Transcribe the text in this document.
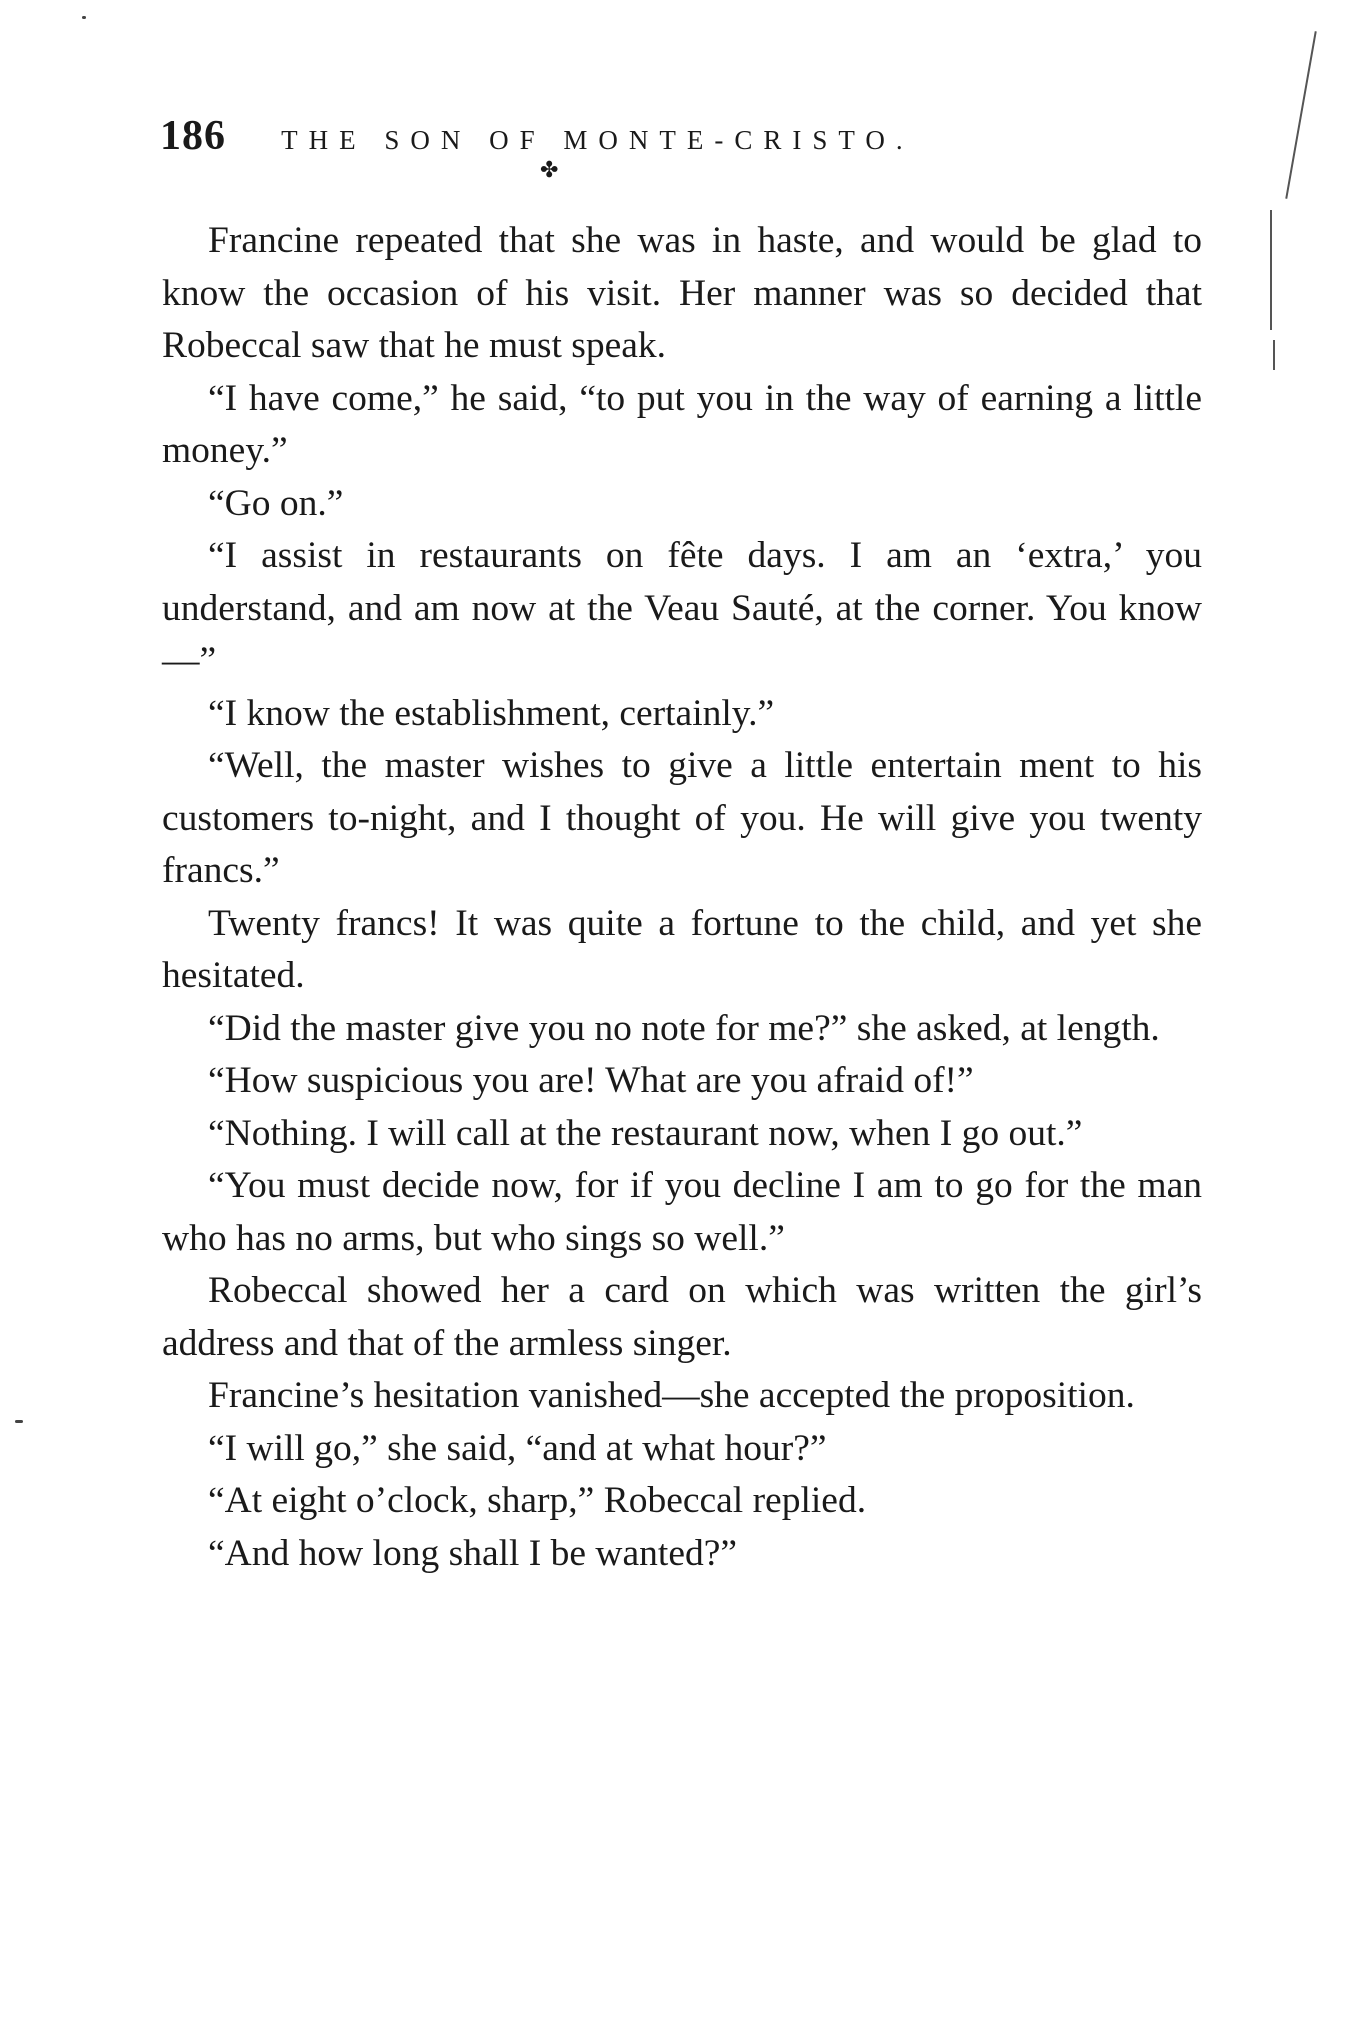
186 THE SON OF MONTE-CRISTO.
✤

Francine repeated that she was in haste, and would be glad to know the occasion of his visit. Her manner was so decided that Robeccal saw that he must speak.

“I have come,” he said, “to put you in the way of earning a little money.”

“Go on.”

“I assist in restaurants on fête days. I am an ‘extra,’ you understand, and am now at the Veau Sauté, at the corner. You know—”

“I know the establishment, certainly.”

“Well, the master wishes to give a little entertain ment to his customers to-night, and I thought of you. He will give you twenty francs.”

Twenty francs! It was quite a fortune to the child, and yet she hesitated.

“Did the master give you no note for me?” she asked, at length.

“How suspicious you are! What are you afraid of!”

“Nothing. I will call at the restaurant now, when I go out.”

“You must decide now, for if you decline I am to go for the man who has no arms, but who sings so well.”

Robeccal showed her a card on which was written the girl’s address and that of the armless singer.

Francine’s hesitation vanished—she accepted the proposition.

“I will go,” she said, “and at what hour?”

“At eight o’clock, sharp,” Robeccal replied.

“And how long shall I be wanted?”
